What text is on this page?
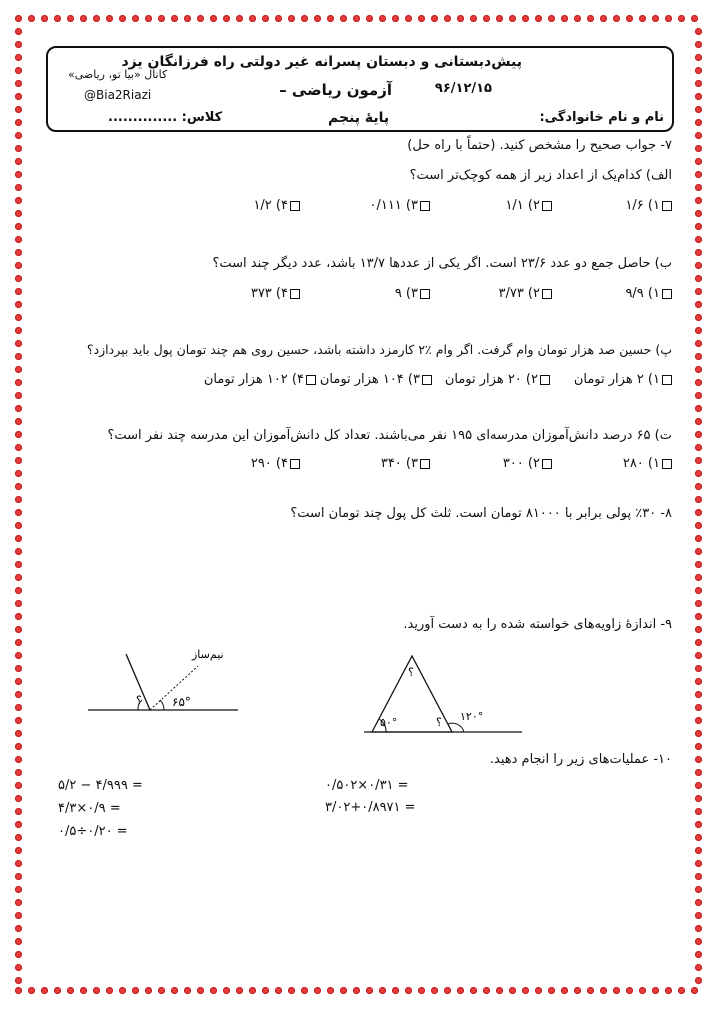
پیش‌دبستانی و دبستان پسرانه غیر دولتی راه فرزانگان یزد
کانال «بیا تو، ریاضی»
@Bia2Riazi	آزمون ریاضی –	۹۶/۱۲/۱۵
پایهٔ پنجم	نام و نام خانوادگی:
کلاس: ..............
۷- جواب صحیح را مشخص کنید. (حتماً با راه حل)
الف) کدام‌یک از اعداد زیر از همه کوچک‌تر است؟
۱) ۱/۶
۲) ۱/۱
۳) ۰/۱۱۱
۴) ۱/۲
ب) حاصل جمع دو عدد ۲۳/۶ است. اگر یکی از عددها ۱۳/۷ باشد، عدد دیگر چند است؟
۱) ۹/۹
۲) ۳/۷۳
۳) ۹
۴) ۳۷۳
پ) حسین صد هزار تومان وام گرفت. اگر وام ٪۲ کارمزد داشته باشد، حسین روی هم چند تومان پول باید بپردازد؟
۱) ۲ هزار تومان
۲) ۲۰ هزار تومان
۳) ۱۰۴ هزار تومان
۴) ۱۰۲ هزار تومان
ت) ۶۵ درصد دانش‌آموزان مدرسه‌ای ۱۹۵ نفر می‌باشند. تعداد کل دانش‌آموزان این مدرسه چند نفر است؟
۱) ۲۸۰
۲) ۳۰۰
۳) ۳۴۰
۴) ۲۹۰
۸- ٪۳۰ پولی برابر با ۸۱۰۰۰ تومان است. ثلث کل پول چند تومان است؟
۹- اندازهٔ زاویه‌های خواسته شده را به دست آورید.
؟	۶۵°
نیم‌ساز
؟
۵۰°	۱۲۰°
؟
۱۰- عملیات‌های زیر را انجام دهید.
۰/۵۰۲×۰/۳۱ =
۳/۰۲+۰/۸۹۷۱ =
۵/۲ − ۴/۹۹۹ =
۴/۳×۰/۹ =
۰/۵÷۰/۲۰ =
